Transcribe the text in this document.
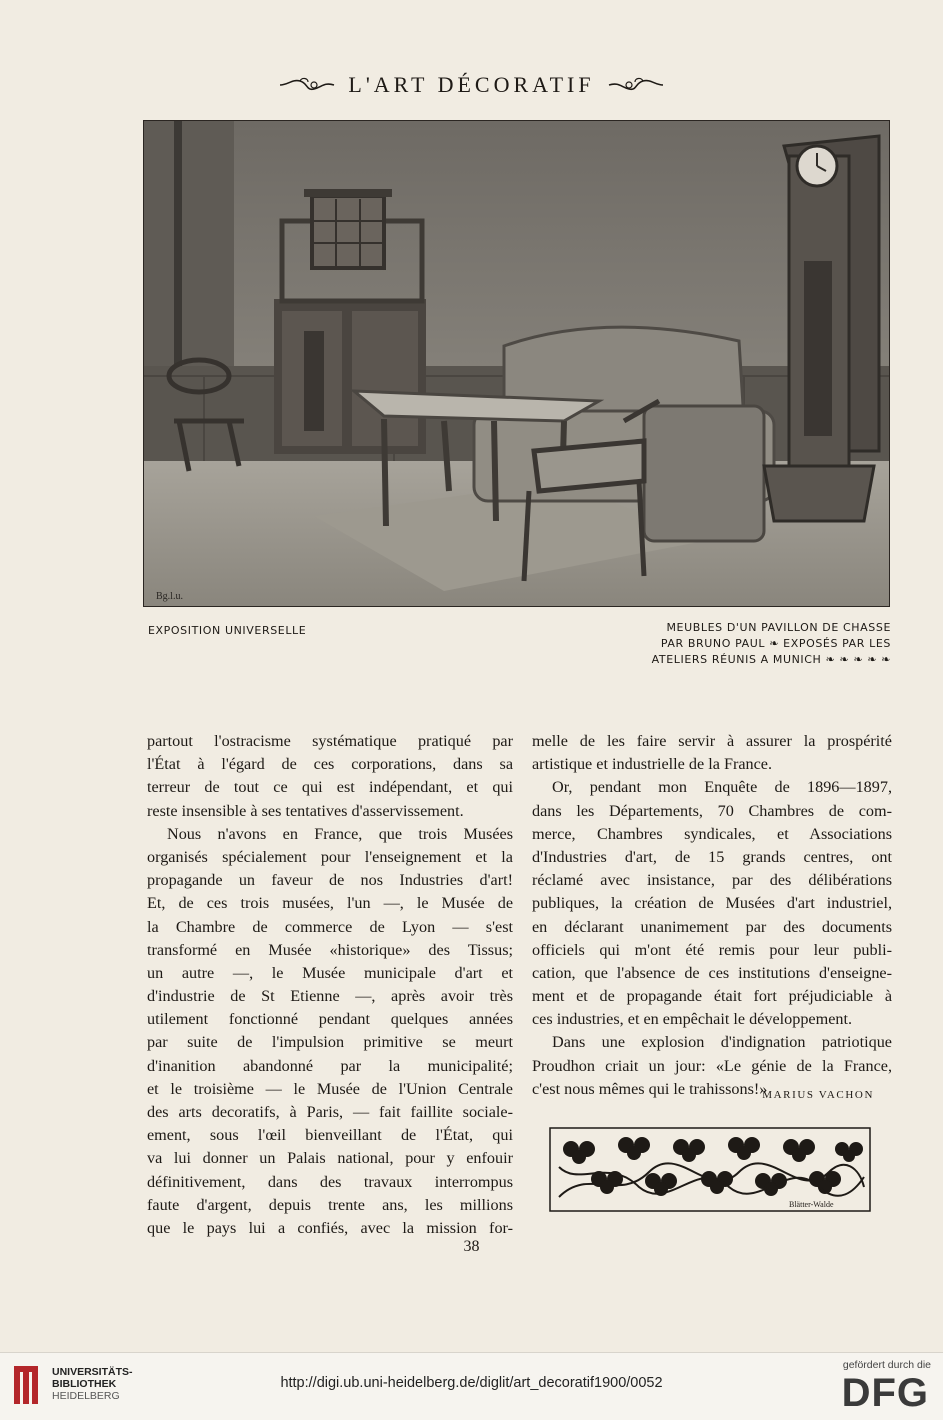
L'ART DÉCORATIF
Bg.l.u.
EXPOSITION UNIVERSELLE	MEUBLES D'UN PAVILLON DE CHASSE
PAR BRUNO PAUL ❧ EXPOSÉS PAR LES
ATELIERS RÉUNIS A MUNICH ❧ ❧ ❧ ❧ ❧
partout l'ostracisme systématique pratiqué par
l'État à l'égard de ces corporations, dans sa
terreur de tout ce qui est indépendant, et qui
reste insensible à ses tentatives d'asservissement.
Nous n'avons en France, que trois Musées
organisés spécialement pour l'enseignement et la
propagande un faveur de nos Industries d'art!
Et, de ces trois musées, l'un —, le Musée de
la Chambre de commerce de Lyon — s'est
transformé en Musée «historique» des Tissus;
un autre —, le Musée municipale d'art et
d'industrie de St Etienne —, après avoir très
utilement fonctionné pendant quelques années
par suite de l'impulsion primitive se meurt
d'inanition abandonné par la municipalité;
et le troisième — le Musée de l'Union Centrale
des arts decoratifs, à Paris, — fait faillite sociale-
ement, sous l'œil bienveillant de l'État, qui
va lui donner un Palais national, pour y enfouir
définitivement, dans des travaux interrompus
faute d'argent, depuis trente ans, les millions
que le pays lui a confiés, avec la mission for-
melle de les faire servir à assurer la prospérité
artistique et industrielle de la France.
Or, pendant mon Enquête de 1896—1897,
dans les Départements, 70 Chambres de com-
merce, Chambres syndicales, et Associations
d'Industries d'art, de 15 grands centres, ont
réclamé avec insistance, par des délibérations
publiques, la création de Musées d'art industriel,
en déclarant unanimement par des documents
officiels qui m'ont été remis pour leur publi-
cation, que l'absence de ces institutions d'enseigne-
ment et de propagande était fort préjudiciable à
ces industries, et en empêchait le développement.
Dans une explosion d'indignation patriotique
Proudhon criait un jour: «Le génie de la France,
c'est nous mêmes qui le trahissons!»
MARIUS VACHON
Blätter-Walde
38
UNIVERSITÄTS-
BIBLIOTHEK
HEIDELBERG
http://digi.ub.uni-heidelberg.de/diglit/art_decoratif1900/0052
gefördert durch die
DFG
